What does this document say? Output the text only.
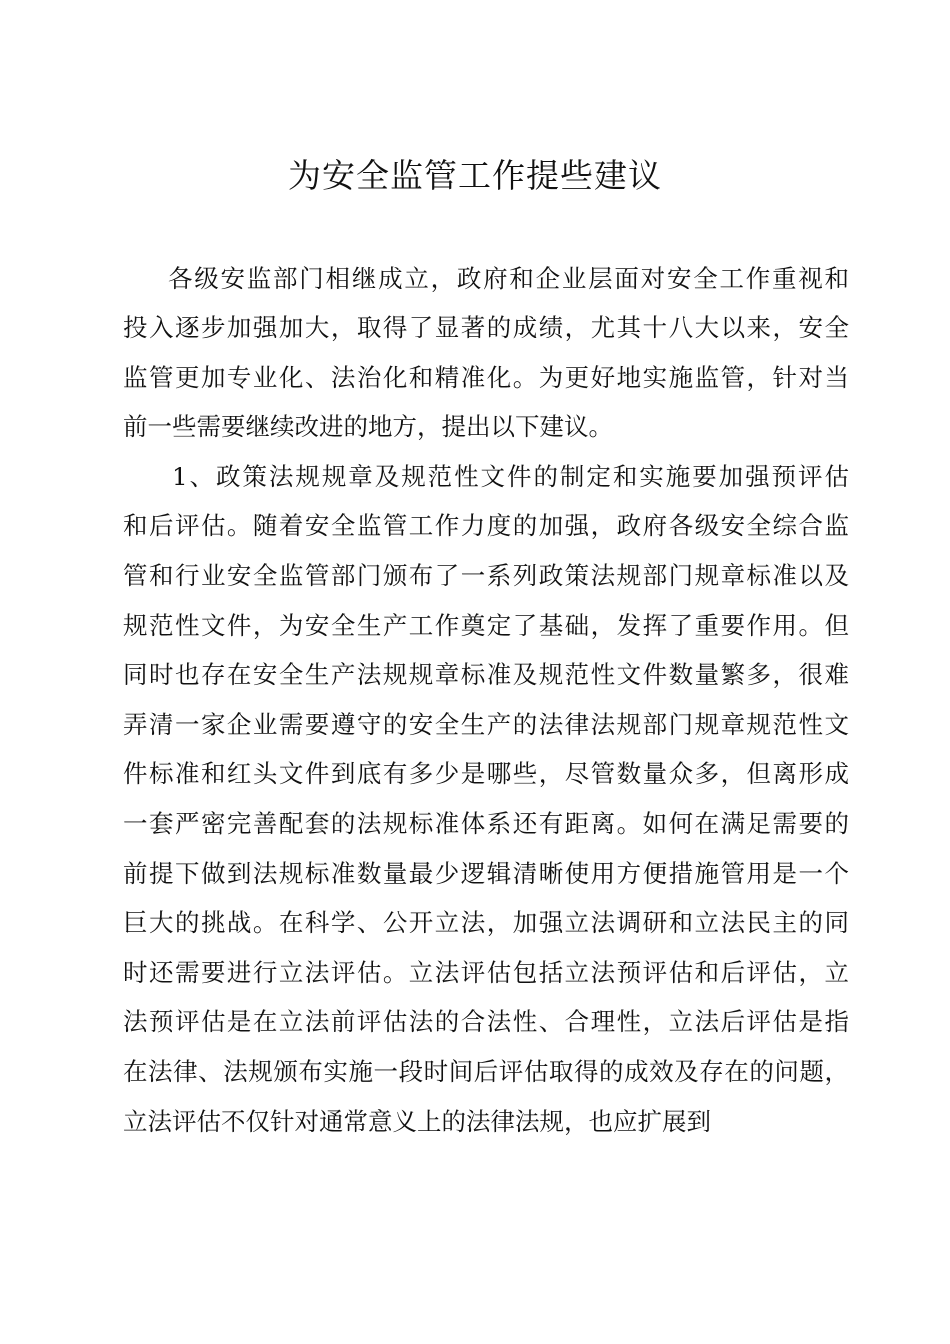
为安全监管工作提些建议
各级安监部门相继成立，政府和企业层面对安全工作重视和
投入逐步加强加大，取得了显著的成绩，尤其十八大以来，安全
监管更加专业化、法治化和精准化。为更好地实施监管，针对当
前一些需要继续改进的地方，提出以下建议。
1、政策法规规章及规范性文件的制定和实施要加强预评估
和后评估。随着安全监管工作力度的加强，政府各级安全综合监
管和行业安全监管部门颁布了一系列政策法规部门规章标准以及
规范性文件，为安全生产工作奠定了基础，发挥了重要作用。但
同时也存在安全生产法规规章标准及规范性文件数量繁多，很难
弄清一家企业需要遵守的安全生产的法律法规部门规章规范性文
件标准和红头文件到底有多少是哪些，尽管数量众多，但离形成
一套严密完善配套的法规标准体系还有距离。如何在满足需要的
前提下做到法规标准数量最少逻辑清晰使用方便措施管用是一个
巨大的挑战。在科学、公开立法，加强立法调研和立法民主的同
时还需要进行立法评估。立法评估包括立法预评估和后评估，立
法预评估是在立法前评估法的合法性、合理性，立法后评估是指
在法律、法规颁布实施一段时间后评估取得的成效及存在的问题，
立法评估不仅针对通常意义上的法律法规，也应扩展到
